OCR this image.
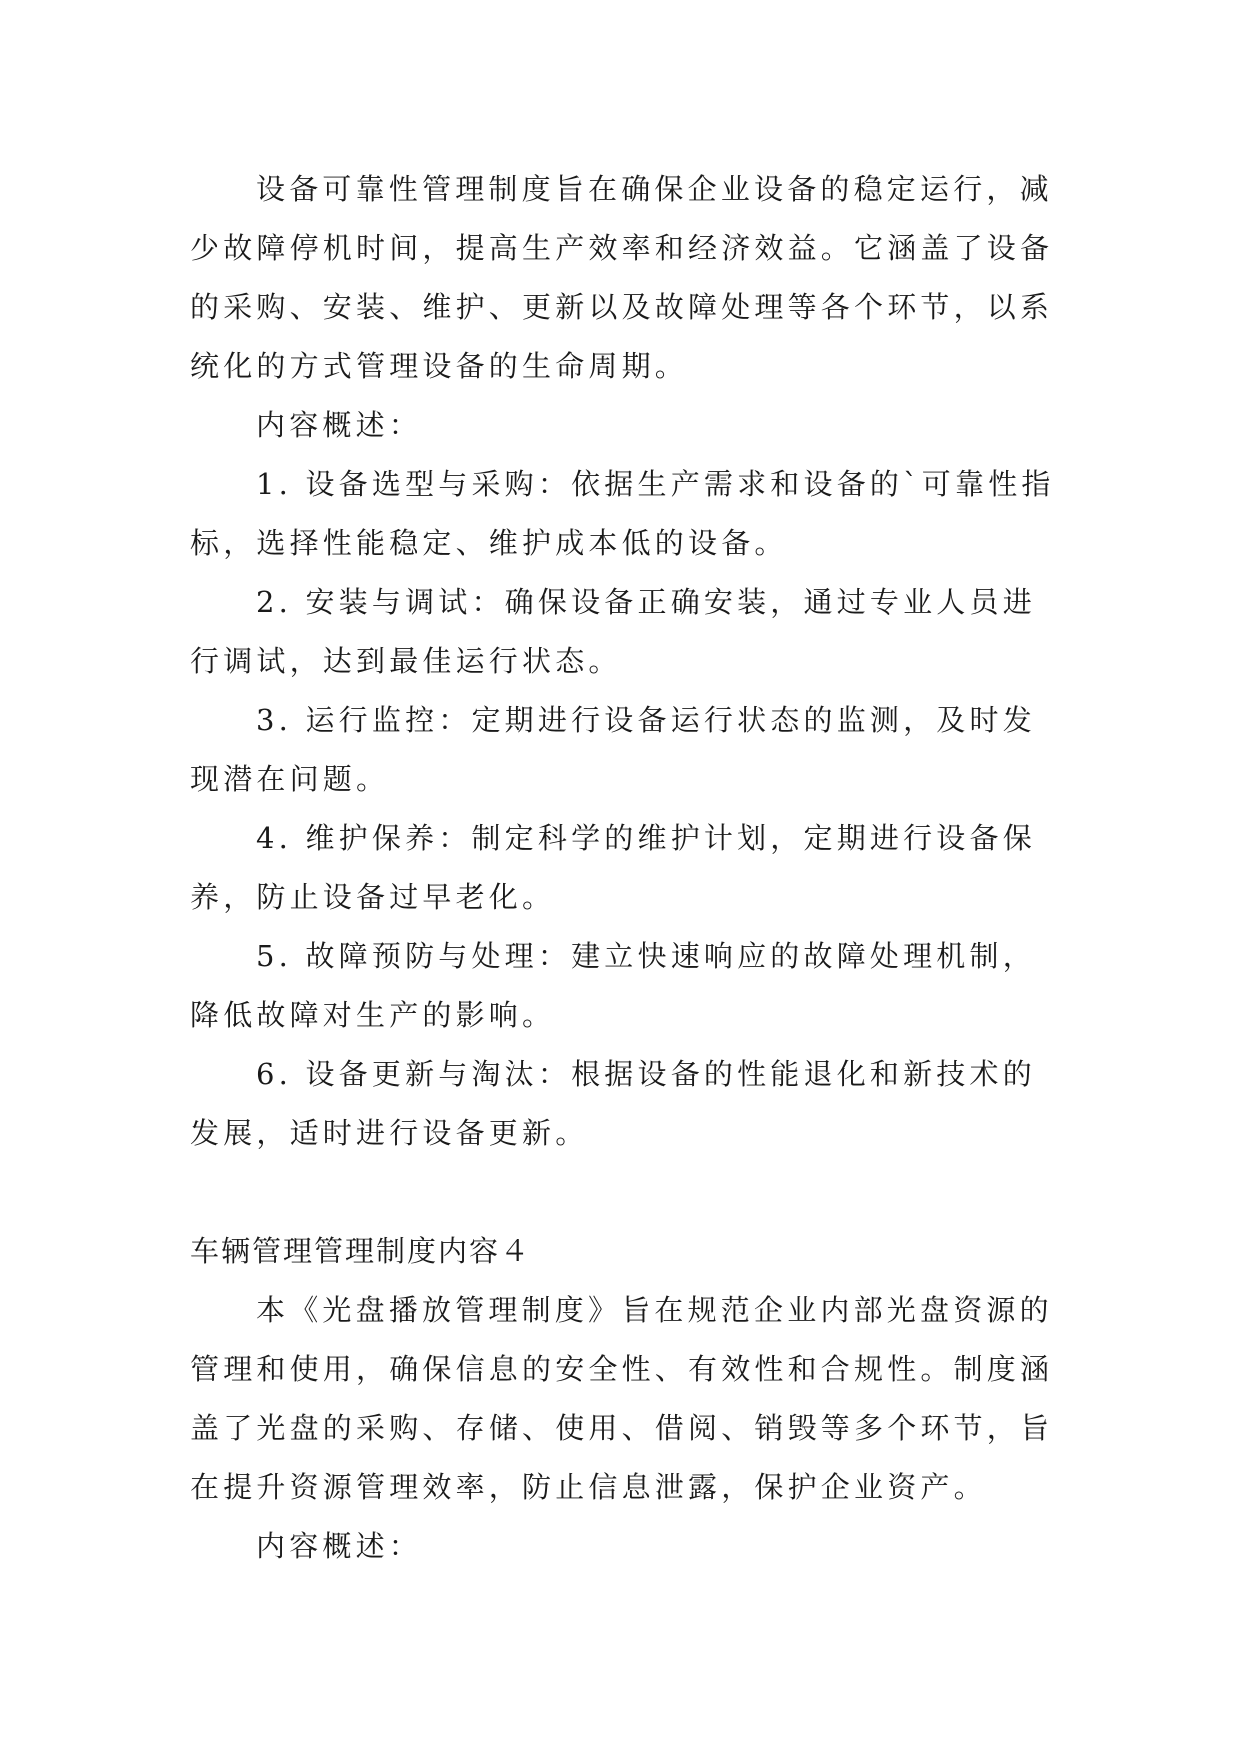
设备可靠性管理制度旨在确保企业设备的稳定运行，减
少故障停机时间，提高生产效率和经济效益。它涵盖了设备
的采购、安装、维护、更新以及故障处理等各个环节，以系
统化的方式管理设备的生命周期。
内容概述：
1. 设备选型与采购：依据生产需求和设备的`可靠性指
标，选择性能稳定、维护成本低的设备。
2. 安装与调试：确保设备正确安装，通过专业人员进
行调试，达到最佳运行状态。
3. 运行监控：定期进行设备运行状态的监测，及时发
现潜在问题。
4. 维护保养：制定科学的维护计划，定期进行设备保
养，防止设备过早老化。
5. 故障预防与处理：建立快速响应的故障处理机制，
降低故障对生产的影响。
6. 设备更新与淘汰：根据设备的性能退化和新技术的
发展，适时进行设备更新。
车辆管理管理制度内容４
本《光盘播放管理制度》旨在规范企业内部光盘资源的
管理和使用，确保信息的安全性、有效性和合规性。制度涵
盖了光盘的采购、存储、使用、借阅、销毁等多个环节，旨
在提升资源管理效率，防止信息泄露，保护企业资产。
内容概述：
